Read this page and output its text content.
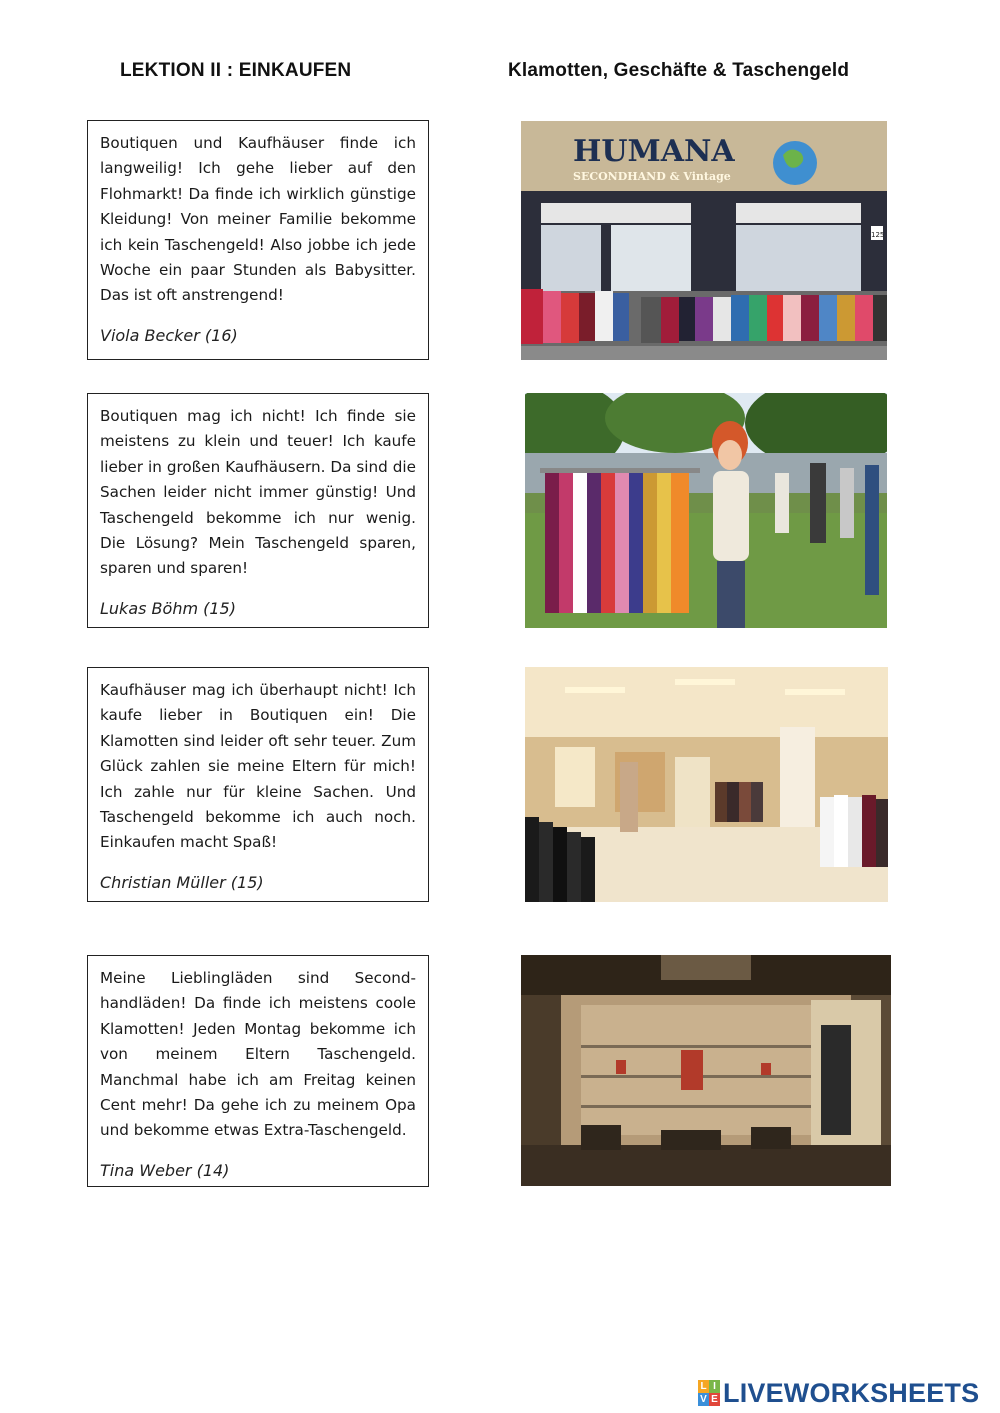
LEKTION II : EINKAUFEN	Klamotten, Geschäfte & Taschengeld

Boutiquen und Kaufhäuser finde ich langweilig! Ich gehe lieber auf den Flohmarkt! Da finde ich wirklich günstige Kleidung! Von meiner Familie bekomme ich kein Taschengeld! Also jobbe ich jede Woche ein paar Stunden als Babysitter. Das ist oft anstrengend!

Viola Becker (16)

Boutiquen mag ich nicht! Ich finde sie meistens zu klein und teuer! Ich kaufe lieber in großen Kaufhäusern. Da sind die Sachen leider nicht immer günstig! Und Taschengeld bekomme ich nur wenig. Die Lösung? Mein Taschengeld sparen, sparen und sparen!

Lukas Böhm (15)

Kaufhäuser mag ich überhaupt nicht! Ich kaufe lieber in Boutiquen ein! Die Klamotten sind leider oft sehr teuer. Zum Glück zahlen sie meine Eltern für mich! Ich zahle nur für kleine Sachen. Und Taschengeld bekomme ich auch noch. Einkaufen macht Spaß!

Christian Müller (15)

Meine Lieblingläden sind Second-handläden! Da finde ich meistens coole Klamotten! Jeden Montag bekomme ich von meinem Eltern Taschengeld. Manchmal habe ich am Freitag keinen Cent mehr! Da gehe ich zu meinem Opa und bekomme etwas Extra-Taschengeld.

Tina Weber (14)

HUMANA
SECONDHAND & Vintage
125
L I
V E LIVEWORKSHEETS
